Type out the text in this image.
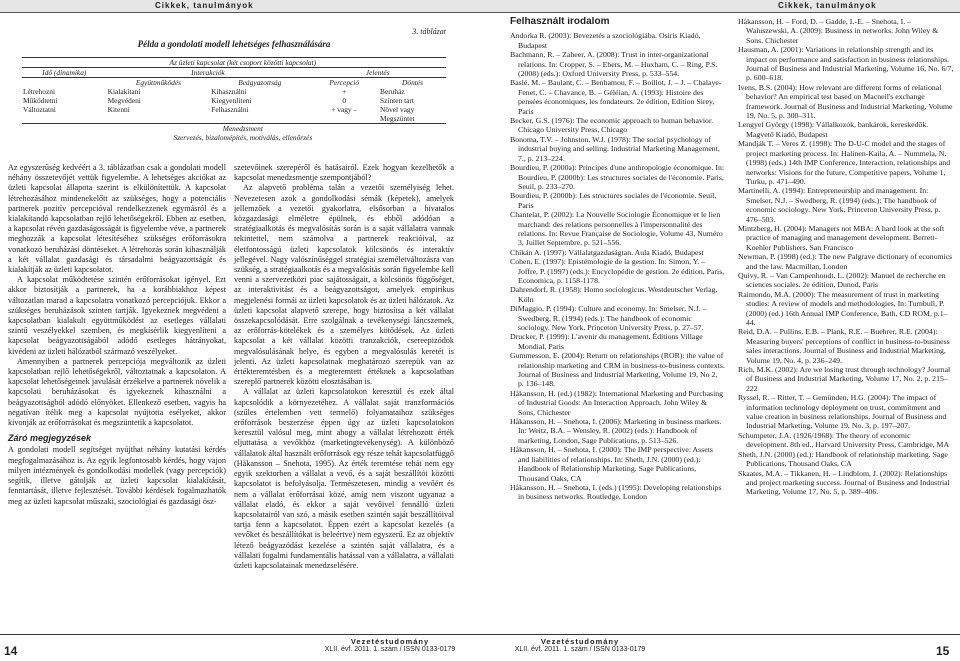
Cikkek, tanulmányok
3. táblázat
Példa a gondolati modell lehetséges felhasználására
	Az üzleti kapcsolat (két csoport közötti kapcsolat)			
Idő (dinamika)	Interakciók		Jelentés	
	Együttműködés	Beágyazottság	Percepció	Döntés
Létrehozni	Kialakítani	Kihasználni	+	Beruház
Működtetni	Megvédeni	Kiegyenlíteni	0	Szinten tart
Változtatni	Kitenni	Felhasználni	+ vagy –	Növel vagy
				Megszüntet
	Menedzsment			
	Szervezés, bizalomépítés, motiválás, ellenőrzés			

Az egyszerűség kedvéért a 3. táblázatban csak a gondolati modell néhány összetevőjét vettük figyelembe. A lehetséges akciókat az üzleti kapcsolat állapota szerint is elkülönítettük. A kapcsolat létrehozásához mindenekelőtt az szükséges, hogy a potenciális partnerek pozitív percepcióval rendelkezzenek egymásról és a kialakítandó kapcsolatban rejlő lehetőségekről. Ebben az esetben, a kapcsolat révén gazdaságosságát is figyelembe véve, a partnerek meghozzák a kapcsolat létesítéséhez szükséges erőforrásokra vonatkozó beruházási döntéseket. A létrehozás során kihasználják a két vállalat gazdasági és társadalmi beágyazottságát és kialakítják az üzleti kapcsolatot.

A kapcsolat működtetése szintén erőforrásokat igényel. Ezt akkor biztosítják a partnerek, ha a korábbiakhoz képest változatlan marad a kapcsolatra vonatkozó percepciójuk. Ekkor a szükséges beruházások szinten tartják. Igyekeznek megvédeni a kapcsolatban kialakult együttműködést az esetleges vállalati szintű veszélyekkel szemben, és megkísérlik kiegyenlíteni a kapcsolat beágyazottságából adódó esetleges hátrányokat, kivédeni az üzleti hálózatból származó veszélyeket.

Amennyiben a partnerek percepciója megváltozik az üzleti kapcsolatban rejlő lehetőségekről, változtatnak a kapcsolaton. A kapcsolat lehetőségeinek javulását érzékelve a partnerek növelik a kapcsolati beruházásokat és igyekeznek kihasználni a beágyazottságból adódó előnyöket. Ellenkező esetben, vagyis ha negatívan ítélik meg a kapcsolat nyújtotta esélyeket, akkor kivonják az erőforrásokat és megszüntetik a kapcsolatot.

Záró megjegyzések

A gondolati modell segítséget nyújthat néhány kutatási kérdés megfogalmazásához is. Az egyik legfontosabb kérdés, hogy vajon milyen intézmények és gondolkodási modellek (vagy percepciók) segítik, illetve gátolják az üzleti kapcsolat kialakítását, fenntartását, illetve fejlesztését. További kérdések fogalmazhatók meg az üzleti kapcsolat műszaki, szociológiai és gazdasági ösz-

szetevőinek szerepéről és hatásairól. Ezek hogyan kezelhetők a kapcsolat menedzsmentje szempontjából?

Az alapvető probléma talán a vezetői személyiség lehet. Nevezetesen azok a gondolkodási sémák (képetek), amelyek jellemzőek a vezetői gyakorlatra, elsősorban a hivatalos közgazdasági elméletre épülnek, és ebből adódóan a stratégiaalkotás és megvalósítás során is a saját vállalatra vannak tekintettel, nem számolva a partnerek reakcióival, az életfontosságú üzleti kapcsolatok kölcsönös és interaktív jellegével. Nagy valószínűséggel stratégiai személetváltozásra van szükség, a stratégiaalkotás és a megvalósítás során figyelembe kell venni a szervezetközi piac sajátosságait, a kölcsönös függőséget, az interaktivitást és a beágyazottságot, amelyek empirikus megjelenési formái az üzleti kapcsolatok és az üzleti hálózatok. Az üzleti kapcsolat alapvető szerepe, hogy biztosítsa a két vállalat összekapcsolódását. Erre szolgálnak a tevékenységi láncszemek, az erőforrás-kötelékek és a személyes kötődések. Az üzleti kapcsolat a két vállalat közötti tranzakciók, csereepizódok megvalósulásának helye, és egyben a megvalósulás keretét is jelenti. Az üzleti kapcsolatnak meghatározó szerepük van az értékteremtésben és a megteremtett értéknek a kapcsolatban szereplő partnerek közötti elosztásában is.

A vállalat az üzleti kapcsolatokon keresztül és ezek által kapcsolódik a környezetéhez. A vállalat saját tranzformációs (szűles értelemben vett termelő) folyamataihoz szükséges erőforrások beszerzése éppen úgy az üzleti kapcsolatokon keresztül valósul meg, mint ahogy a vállalat létrehozott érték eljuttatása a vevőkhöz (marketingtevékenység). A különböző vállalatok által használt erőforrások egy része tehát kapcsolatfüggő (Håkansson – Snehota, 1995). Az érték teremtése tehát nem egy egyik szektorben a vállalat a vevő, és a saját beszállítói közötti kapcsolatot is befolyásolja. Természetesen, mindig a vevőért és nem a vállalat erőforrásai közé, amíg nem viszont ugyanaz a vállalat eladó, és ekkor a saját vevőivel fennálló üzleti kapcsolatairól van szó, a másik esetben szintén saját beszállítóival tartja fenn a kapcsolatot. Éppen ezért a kapcsolat kezelés (a vevőket és beszállítókat is beleértve) nem egyszerű. Ez az objektív létező beágyazódást kezelése a szintén saját vállalatra, és a vállalati fogalmi fundamentális hatással van a vállalatra, a vállalati üzleti kapcsolatainak menedzselésére.

Vezetéstudomány
XLII. évf. 2011. 1. szám / ISSN 0133-0179
14
Cikkek, tanulmányok
Felhasznált irodalom

Andorka R. (2003): Bevezetés a szociológiába. Osiris Kiadó, Budapest

Bachmann, R. – Zaheer, A. (2008): Trust in inter-organizational relations. In: Cropper, S. – Ebers, M. – Huxham, C. – Ring, P.S. (2008) (eds.): Oxford University Press, p. 533–554.

Baslé, M. – Baulant, C. – Benhamou, F. – Boillot, J. – J. – Chalaye-Fenet, C. – Chavance, B. – Géléian, A. (1993): Histoire des pensées économiques, les fondateurs. 2e édition, Edition Sirey, Paris

Becker, G.S. (1976): The economic approach to human behavior. Chicago University Press, Chicago

Bonoma, T.V. – Johnston, W.J. (1978): The social psychology of industrial buying and selling. Industrial Marketing Management, 7., p. 213–224.

Bourdieu, P. (2000a): Principes d'une anthropologie économique. In: Bourdieu, P. (2000b): Les structures sociales de l'économie. Paris, Seuil, p. 233–270.

Bourdieu, P. (2000b): Les structures sociales de l'économie. Seuil, Paris

Chantelat, P. (2002): La Nouvelle Sociologie Économique et le lien marchand: des relations personnelles à l'impersonnalité des relations. In: Revue Française de Sociologie, Volume 43, Numéro 3, Juillet Septembre, p. 521–556.

Chikán A. (1997): Vállalatgazdaságtan. Aula Kiadó, Budapest

Cohen, E. (1997): Epistémologie de la gestion. In: Simon, Y. – Joffre, P. (1997) (eds.): Encyclopédie de gestion. 2e édition, Paris, Economica, p. 1158-1178.

Dahrendorf, R. (1958): Homo sociologicus. Westdeutscher Verlag, Köln

DiMaggio, P. (1994): Culture and economy. In: Smelser, N.J. – Swedberg, R. (1994) (eds.): The handbook of economic sociology. New York, Princeton University Press, p. 27–57.

Drucker, P. (1999): L'avenir du management. Éditions Village Mondial, Paris

Gummesson, E. (2004): Return on relationships (ROR): the value of relationship marketing and CRM in business-to-business contexts. Journal of Business and Industrial Marketing, Volume 19, No 2, p. 136–148.

Håkansson, H. (ed.) (1982): International Marketing and Purchasing of Industrial Goods: An Interaction Approach. John Wiley & Sons, Chichester

Håkansson, H. – Snehota, I. (2006): Marketing in business markets. In: Weitz, B.A. – Wensley, R. (2002) (eds.): Handbook of marketing, London, Sage Publications, p. 513–526.

Håkansson, H. – Snehota, I. (2000): The IMP perspective: Assets and liabilities of relationships. In: Sheth, J.N. (2000) (ed.): Handbook of Relationship Marketing. Sage Publications, Thousand Oaks, CA

Håkansson, H. – Snehota, I. (eds.) (1995): Developing relationships in business networks. Routledge, London

Håkansson, H. – Ford, D. – Gadde, L-E. – Snehota, I. – Waluszewski, A. (2009): Business in networks. John Wiley & Sons, Chichester

Hausman, A. (2001): Variations in relationship strength and its impact on performance and satisfaction in business relationships. Journal of Business and Industrial Marketing, Volume 16, No. 6/7, p. 600–618.

Ivens, B.S. (2004): How relevant are different forms of relational behavior? An empirical test based on Macneil's exchange framework. Journal of Business and Industrial Marketing, Volume 19, No. 5, p. 300–311.

Lengyel György (1998): Vállalkozók, bankárok, kereskedők. Magvető Kiadó, Budapest

Mandják T. – Veres Z. (1998): The D-U-C model and the stages of project marketing process. In: Halinen-Kaila, A. – Nummela, N. (1998) (eds.) 14th IMP Conference, Interaction, relationships and networks: Visions for the future, Competitive papers, Volume 1, Turku, p. 471–490.

Martinelli, A. (1994): Entrepreneurship and management. In: Smelser, N.J. – Swedberg, R. (1994) (eds.): The handbook of economic sociology. New York, Princeton University Press, p. 476–503.

Mintzberg, H. (2004): Managers not MBA: A hard look at the soft practice of managing and management development. Berrett-Koehler Publishers, San Francisco

Newman, P. (1998) (ed.): The new Palgrave dictionary of economics and the law. Macmillan, London

Quivy, R. – Van Campenhoudt, L. (2002): Manuel de recherche en sciences sociales. 2e édition, Dunod, Paris

Raimondo, M.A. (2000): The measurement of trust in marketing studies: A review of models and methodologies, In: Turnbull, P. (2000) (ed.) 16th Annual IMP Conference, Bath, CD ROM, p.1–44.

Reid, D.A. – Pullins, E.B. – Plank, R.E. – Buehrer, R.E. (2004): Measuring buyers' perceptions of conflict in business-to-business sales interactions. Journal of Business and Industrial Marketing, Volume 19, No. 4, p. 236–249.

Rich, M.K. (2002): Are we losing trust through technology? Journal of Business and Industrial Marketing, Volume 17, No. 2, p. 215–222

Ryssel, R. – Ritter, T. – Gemünden, H.G. (2004): The impact of information technology deployment on trust, commitment and value creation in business relationships. Journal of Business and Industrial Marketing, Volume 19, No. 3, p. 197–207.

Schumpeter, J.A. (1926/1968): The theory of economic development. 8th ed., Harvard University Press, Cambridge, MA

Sheth, J.N. (2000) (ed.): Handbook of relationship marketing. Sage Publications, Thousand Oaks, CA

Skaates, M.A. – Tikkanen, H. – Lindblom, J. (2002): Relationships and project marketing success. Journal of Business and Industrial Marketing, Volume 17, No. 5, p. 389–406.

Vezetéstudomány
XLII. évf. 2011. 1. szám / ISSN 0133-0179	15
